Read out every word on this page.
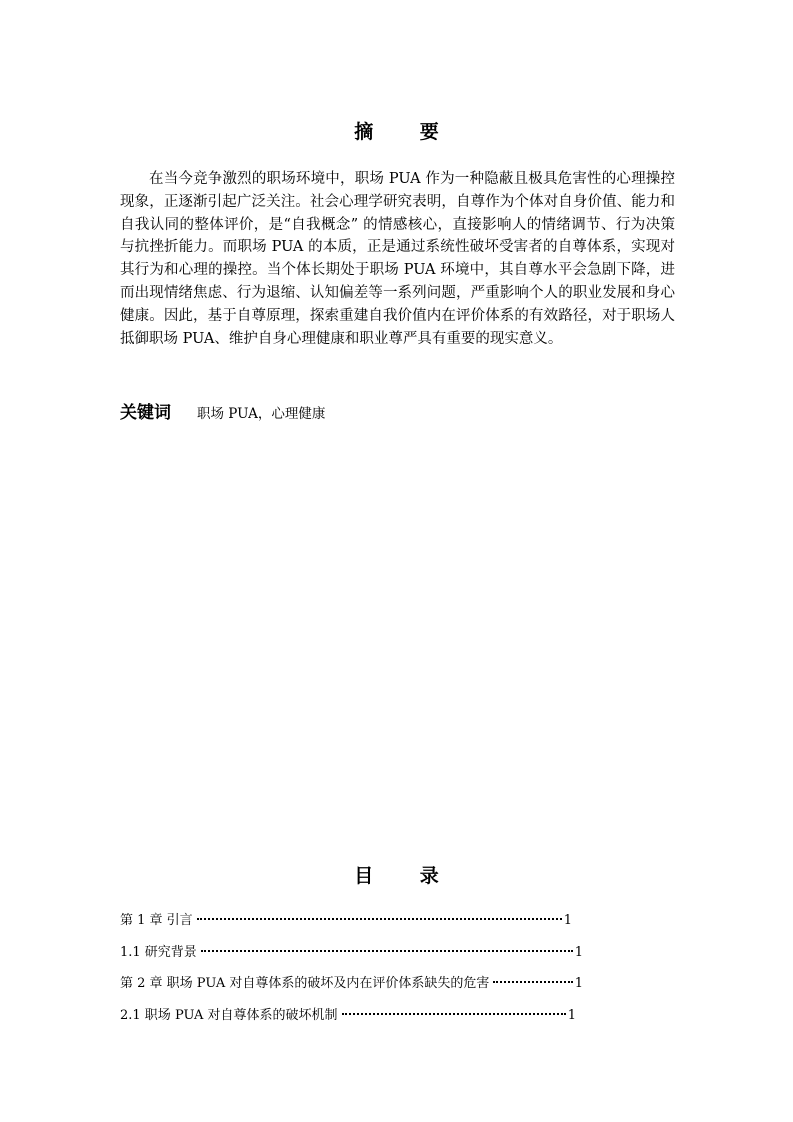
摘 要

在当今竞争激烈的职场环境中，职场 PUA 作为一种隐蔽且极具危害性的心理操控现象，正逐渐引起广泛关注。社会心理学研究表明，自尊作为个体对自身价值、能力和自我认同的整体评价，是“自我概念” 的情感核心，直接影响人的情绪调节、行为决策与抗挫折能力。而职场 PUA 的本质，正是通过系统性破坏受害者的自尊体系，实现对其行为和心理的操控。当个体长期处于职场 PUA 环境中，其自尊水平会急剧下降，进而出现情绪焦虑、行为退缩、认知偏差等一系列问题，严重影响个人的职业发展和身心健康。因此，基于自尊原理，探索重建自我价值内在评价体系的有效路径，对于职场人抵御职场 PUA、维护自身心理健康和职业尊严具有重要的现实意义。

关键词 职场 PUA，心理健康
目 录
第 1 章 引言	1
1.1 研究背景	1
第 2 章 职场 PUA 对自尊体系的破坏及内在评价体系缺失的危害	1
2.1 职场 PUA 对自尊体系的破坏机制	1
